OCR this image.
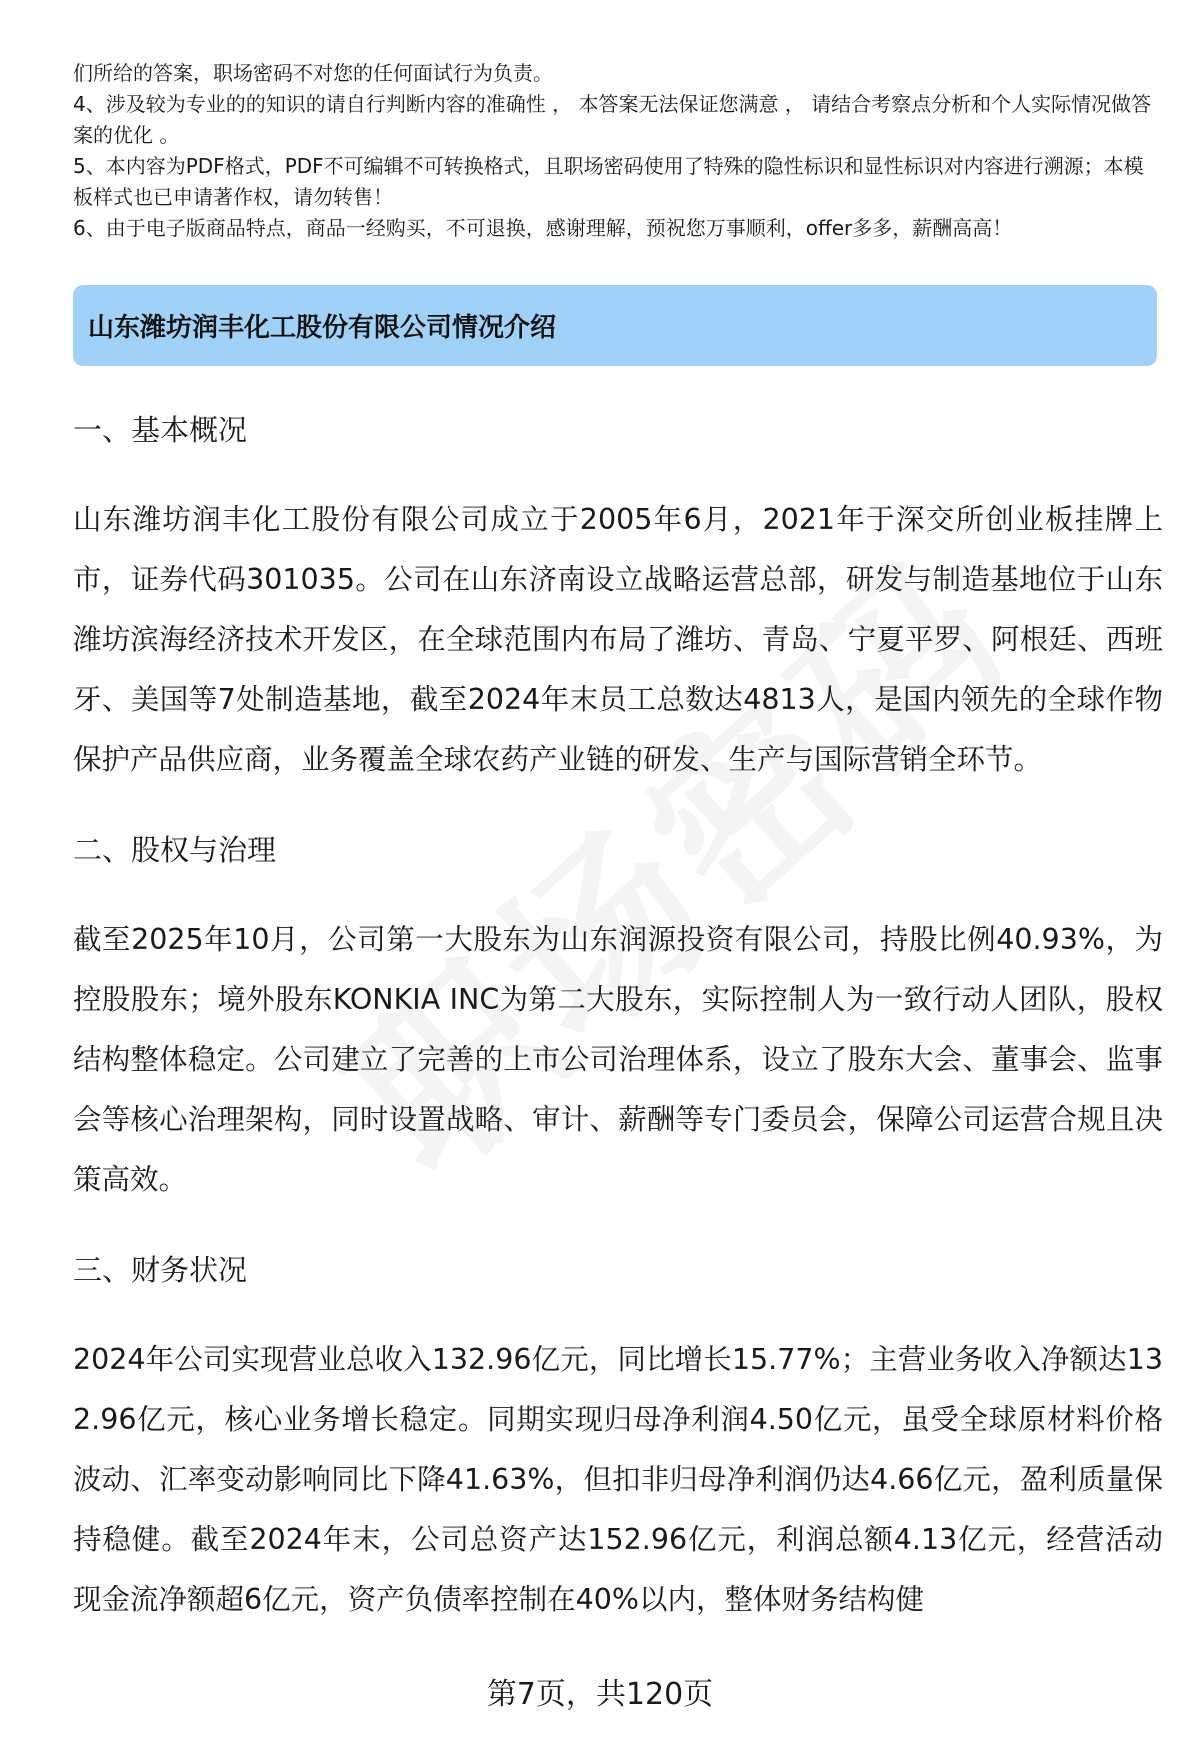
们所给的答案，职场密码不对您的任何面试行为负责。

4、涉及较为专业的的知识的请自行判断内容的准确性 ， 本答案无法保证您满意 ， 请结合考察点分析和个人实际情况做答案的优化 。

5、本内容为PDF格式，PDF不可编辑不可转换格式，且职场密码使用了特殊的隐性标识和显性标识对内容进行溯源；本模板样式也已申请著作权，请勿转售！

6、由于电子版商品特点，商品一经购买，不可退换，感谢理解，预祝您万事顺利，offer多多，薪酬高高！

山东潍坊润丰化工股份有限公司情况介绍
一、基本概况

山东潍坊润丰化工股份有限公司成立于2005年6月，2021年于深交所创业板挂牌上市，证券代码301035。公司在山东济南设立战略运营总部，研发与制造基地位于山东潍坊滨海经济技术开发区，在全球范围内布局了潍坊、青岛、宁夏平罗、阿根廷、西班牙、美国等7处制造基地，截至2024年末员工总数达4813人，是国内领先的全球作物保护产品供应商，业务覆盖全球农药产业链的研发、生产与国际营销全环节。

二、股权与治理

截至2025年10月，公司第一大股东为山东润源投资有限公司，持股比例40.93%，为控股股东；境外股东KONKIA INC为第二大股东，实际控制人为一致行动人团队，股权结构整体稳定。公司建立了完善的上市公司治理体系，设立了股东大会、董事会、监事会等核心治理架构，同时设置战略、审计、薪酬等专门委员会，保障公司运营合规且决策高效。

三、财务状况

2024年公司实现营业总收入132.96亿元，同比增长15.77%；主营业务收入净额达132.96亿元，核心业务增长稳定。同期实现归母净利润4.50亿元，虽受全球原材料价格波动、汇率变动影响同比下降41.63%，但扣非归母净利润仍达4.66亿元，盈利质量保持稳健。截至2024年末，公司总资产达152.96亿元，利润总额4.13亿元，经营活动现金流净额超6亿元，资产负债率控制在40%以内，整体财务结构健

第7页，共120页
